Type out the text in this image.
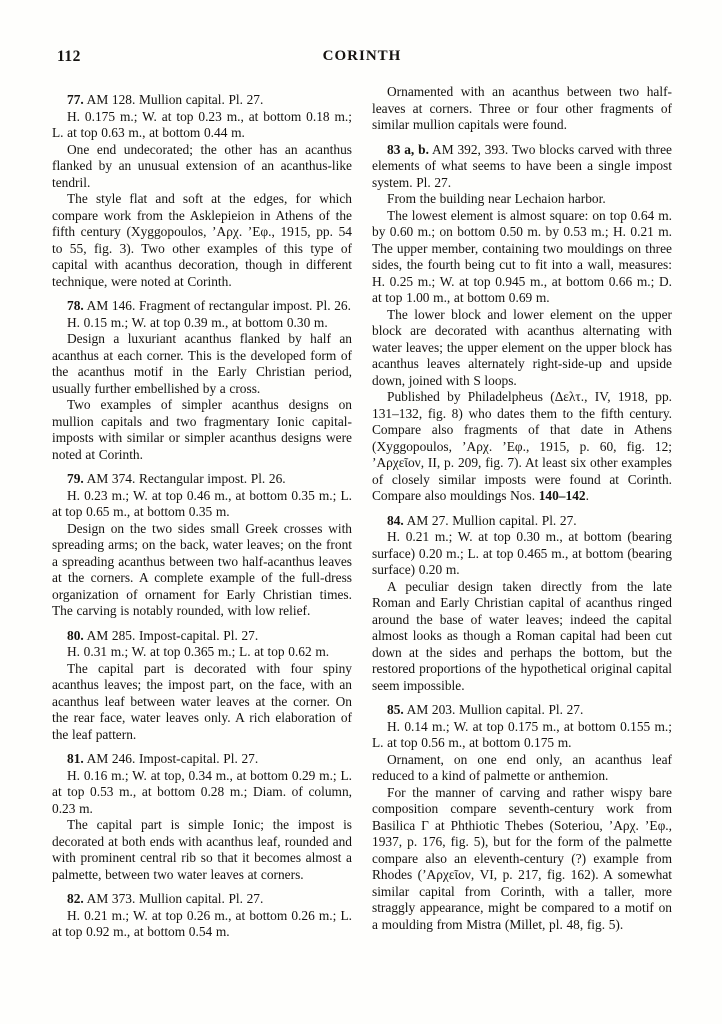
112	CORINTH

77. AM 128. Mullion capital. Pl. 27.

H. 0.175 m.; W. at top 0.23 m., at bottom 0.18 m.; L. at top 0.63 m., at bottom 0.44 m.

One end undecorated; the other has an acanthus flanked by an unusual extension of an acanthus-like tendril.

The style flat and soft at the edges, for which compare work from the Asklepieion in Athens of the fifth century (Xyggopoulos, ’Αρχ. ’Εφ., 1915, pp. 54 to 55, fig. 3). Two other examples of this type of capital with acanthus decoration, though in different technique, were noted at Corinth.

78. AM 146. Fragment of rectangular impost. Pl. 26.

H. 0.15 m.; W. at top 0.39 m., at bottom 0.30 m.

Design a luxuriant acanthus flanked by half an acanthus at each corner. This is the developed form of the acanthus motif in the Early Christian period, usually further embellished by a cross.

Two examples of simpler acanthus designs on mullion capitals and two fragmentary Ionic capital-imposts with similar or simpler acanthus designs were noted at Corinth.

79. AM 374. Rectangular impost. Pl. 26.

H. 0.23 m.; W. at top 0.46 m., at bottom 0.35 m.; L. at top 0.65 m., at bottom 0.35 m.

Design on the two sides small Greek crosses with spreading arms; on the back, water leaves; on the front a spreading acanthus between two half-acanthus leaves at the corners. A complete example of the full-dress organization of ornament for Early Christian times. The carving is notably rounded, with low relief.

80. AM 285. Impost-capital. Pl. 27.

H. 0.31 m.; W. at top 0.365 m.; L. at top 0.62 m.

The capital part is decorated with four spiny acanthus leaves; the impost part, on the face, with an acanthus leaf between water leaves at the corner. On the rear face, water leaves only. A rich elaboration of the leaf pattern.

81. AM 246. Impost-capital. Pl. 27.

H. 0.16 m.; W. at top, 0.34 m., at bottom 0.29 m.; L. at top 0.53 m., at bottom 0.28 m.; Diam. of column, 0.23 m.

The capital part is simple Ionic; the impost is decorated at both ends with acanthus leaf, rounded and with prominent central rib so that it becomes almost a palmette, between two water leaves at corners.

82. AM 373. Mullion capital. Pl. 27.

H. 0.21 m.; W. at top 0.26 m., at bottom 0.26 m.; L. at top 0.92 m., at bottom 0.54 m.

Ornamented with an acanthus between two half-leaves at corners. Three or four other fragments of similar mullion capitals were found.

83 a, b. AM 392, 393. Two blocks carved with three elements of what seems to have been a single impost system. Pl. 27.

From the building near Lechaion harbor.

The lowest element is almost square: on top 0.64 m. by 0.60 m.; on bottom 0.50 m. by 0.53 m.; H. 0.21 m. The upper member, containing two mouldings on three sides, the fourth being cut to fit into a wall, measures: H. 0.25 m.; W. at top 0.945 m., at bottom 0.66 m.; D. at top 1.00 m., at bottom 0.69 m.

The lower block and lower element on the upper block are decorated with acanthus alternating with water leaves; the upper element on the upper block has acanthus leaves alternately right-side-up and upside down, joined with S loops.

Published by Philadelpheus (Δελτ., IV, 1918, pp. 131–132, fig. 8) who dates them to the fifth century. Compare also fragments of that date in Athens (Xyggopoulos, ’Αρχ. ’Εφ., 1915, p. 60, fig. 12; ’Αρχεῖον, II, p. 209, fig. 7). At least six other examples of closely similar imposts were found at Corinth. Compare also mouldings Nos. 140–142.

84. AM 27. Mullion capital. Pl. 27.

H. 0.21 m.; W. at top 0.30 m., at bottom (bearing surface) 0.20 m.; L. at top 0.465 m., at bottom (bearing surface) 0.20 m.

A peculiar design taken directly from the late Roman and Early Christian capital of acanthus ringed around the base of water leaves; indeed the capital almost looks as though a Roman capital had been cut down at the sides and perhaps the bottom, but the restored proportions of the hypothetical original capital seem impossible.

85. AM 203. Mullion capital. Pl. 27.

H. 0.14 m.; W. at top 0.175 m., at bottom 0.155 m.; L. at top 0.56 m., at bottom 0.175 m.

Ornament, on one end only, an acanthus leaf reduced to a kind of palmette or anthemion.

For the manner of carving and rather wispy bare composition compare seventh-century work from Basilica Γ at Phthiotic Thebes (Soteriou, ’Αρχ. ’Εφ., 1937, p. 176, fig. 5), but for the form of the palmette compare also an eleventh-century (?) example from Rhodes (’Αρχεῖον, VI, p. 217, fig. 162). A somewhat similar capital from Corinth, with a taller, more straggly appearance, might be compared to a motif on a moulding from Mistra (Millet, pl. 48, fig. 5).
